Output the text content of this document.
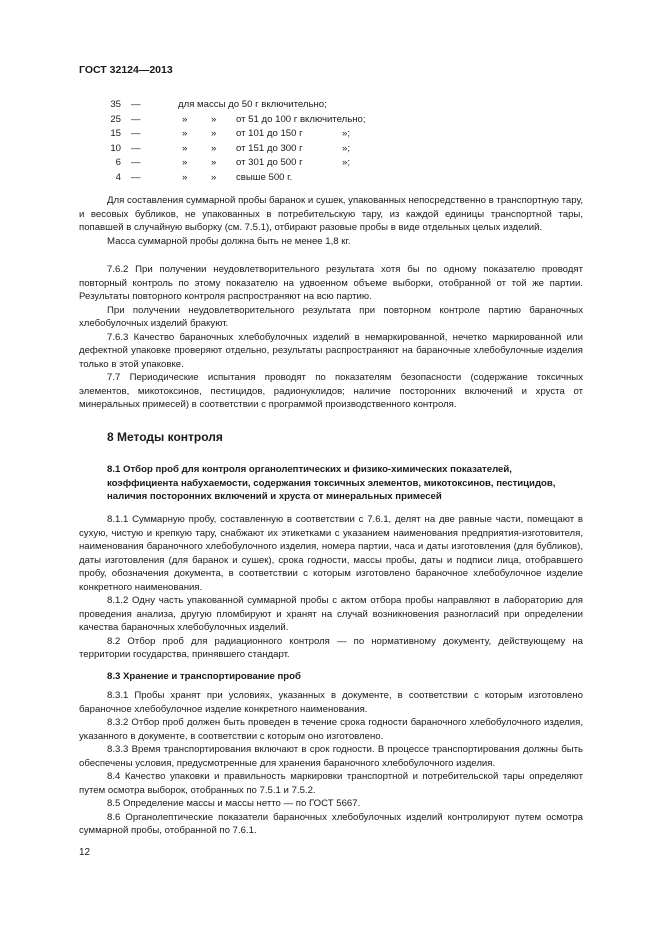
ГОСТ 32124—2013
35 —	для массы до 50 г включительно;
25 —	» » от 51 до 100 г включительно;
15 —	» » от 101 до 150 г	»;
10 —	» » от 151 до 300 г	»;
6 —	» » от 301 до 500 г	»;
4 —	» » свыше 500 г.

Для составления суммарной пробы баранок и сушек, упакованных непосредственно в транспортную тару, и весовых бубликов, не упакованных в потребительскую тару, из каждой единицы транспортной тары, попавшей в случайную выборку (см. 7.5.1), отбирают разовые пробы в виде отдельных целых изделий.

Масса суммарной пробы должна быть не менее 1,8 кг.

7.6.2 При получении неудовлетворительного результата хотя бы по одному показателю проводят повторный контроль по этому показателю на удвоенном объеме выборки, отобранной от той же партии. Результаты повторного контроля распространяют на всю партию.

При получении неудовлетворительного результата при повторном контроле партию бараночных хлебобулочных изделий бракуют.

7.6.3 Качество бараночных хлебобулочных изделий в немаркированной, нечетко маркированной или дефектной упаковке проверяют отдельно, результаты распространяют на бараночные хлебобулочные изделия только в этой упаковке.

7.7 Периодические испытания проводят по показателям безопасности (содержание токсичных элементов, микотоксинов, пестицидов, радионуклидов; наличие посторонних включений и хруста от минеральных примесей) в соответствии с программой производственного контроля.

8 Методы контроля
8.1 Отбор проб для контроля органолептических и физико-химических показателей, коэффициента набухаемости, содержания токсичных элементов, микотоксинов, пестицидов, наличия посторонних включений и хруста от минеральных примесей

8.1.1 Суммарную пробу, составленную в соответствии с 7.6.1, делят на две равные части, помещают в сухую, чистую и крепкую тару, снабжают их этикетками с указанием наименования предприятия-изготовителя, наименования бараночного хлебобулочного изделия, номера партии, часа и даты изготовления (для бубликов), даты изготовления (для баранок и сушек), срока годности, массы пробы, даты и подписи лица, отобравшего пробу, обозначения документа, в соответствии с которым изготовлено бараночное хлебобулочное изделие конкретного наименования.

8.1.2 Одну часть упакованной суммарной пробы с актом отбора пробы направляют в лабораторию для проведения анализа, другую пломбируют и хранят на случай возникновения разногласий при определении качества бараночных хлебобулочных изделий.

8.2 Отбор проб для радиационного контроля — по нормативному документу, действующему на территории государства, принявшего стандарт.

8.3 Хранение и транспортирование проб

8.3.1 Пробы хранят при условиях, указанных в документе, в соответствии с которым изготовлено бараночное хлебобулочное изделие конкретного наименования.

8.3.2 Отбор проб должен быть проведен в течение срока годности бараночного хлебобулочного изделия, указанного в документе, в соответствии с которым оно изготовлено.

8.3.3 Время транспортирования включают в срок годности. В процессе транспортирования должны быть обеспечены условия, предусмотренные для хранения бараночного хлебобулочного изделия.

8.4 Качество упаковки и правильность маркировки транспортной и потребительской тары определяют путем осмотра выборок, отобранных по 7.5.1 и 7.5.2.

8.5 Определение массы и массы нетто — по ГОСТ 5667.

8.6 Органолептические показатели бараночных хлебобулочных изделий контролируют путем осмотра суммарной пробы, отобранной по 7.6.1.

12
